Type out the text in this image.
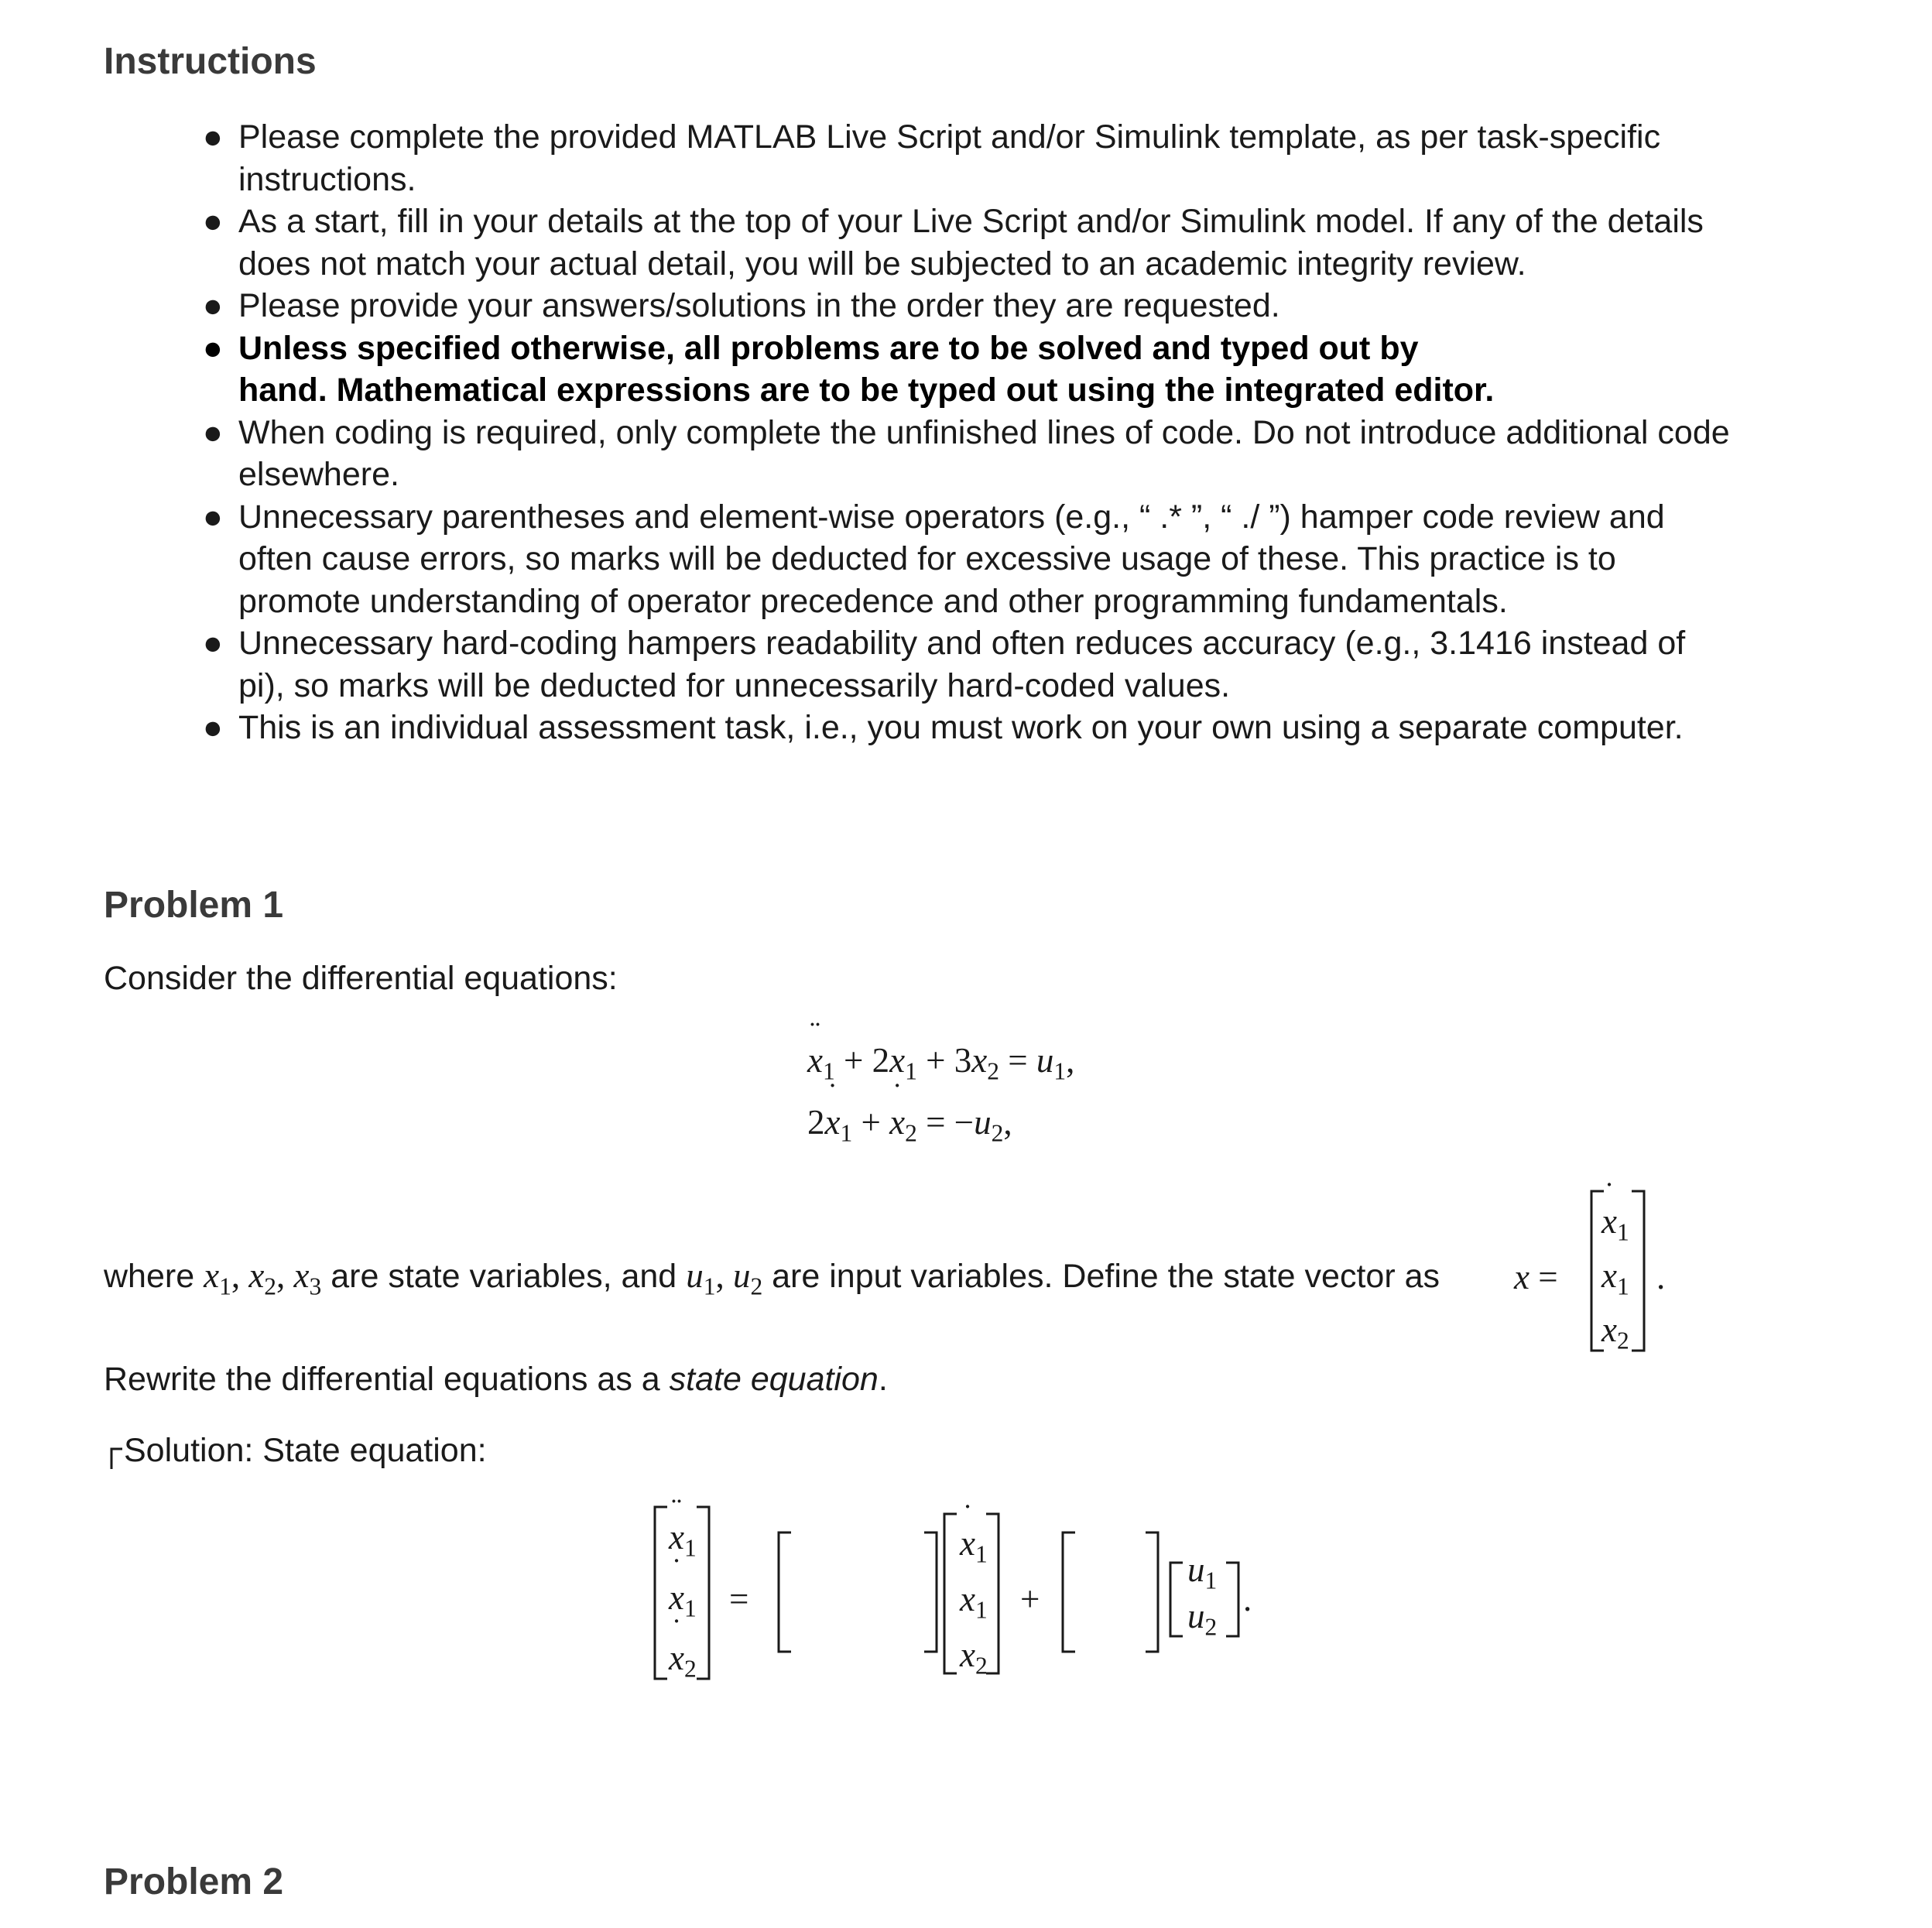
Instructions
● Please complete the provided MATLAB Live Script and/or Simulink template, as per task-specific
instructions.
● As a start, fill in your details at the top of your Live Script and/or Simulink model. If any of the details
does not match your actual detail, you will be subjected to an academic integrity review.
● Please provide your answers/solutions in the order they are requested.
● Unless specified otherwise, all problems are to be solved and typed out by
hand. Mathematical expressions are to be typed out using the integrated editor.
● When coding is required, only complete the unfinished lines of code. Do not introduce additional code
elsewhere.
● Unnecessary parentheses and element-wise operators (e.g., “ .* ”, “ ./ ”) hamper code review and
often cause errors, so marks will be deducted for excessive usage of these. This practice is to
promote understanding of operator precedence and other programming fundamentals.
● Unnecessary hard-coding hampers readability and often reduces accuracy (e.g., 3.1416 instead of
pi), so marks will be deducted for unnecessarily hard-coded values.
● This is an individual assessment task, i.e., you must work on your own using a separate computer.
Problem 1
Consider the differential equations:
x
¨
$_1 + 2x_1 + 3x_2 = u_1$,
2x
˙
$_1$ + x
˙
$_2 = -u_2$,
where $x_1$, $x_2$, $x_3$ are state variables, and $u_1$, $u_2$ are input variables. Define the state vector as x =
x
˙
$_1$
$x_1$
$x_2$
.
Rewrite the differential equations as a state equation.
Solution: State equation:
x
¨
$_1$
x
˙
$_1$
x
˙
$_2$
=
x
˙
$_1$
$x_1$
$x_2$
+
$u_1$
$u_2$
.
Problem 2
